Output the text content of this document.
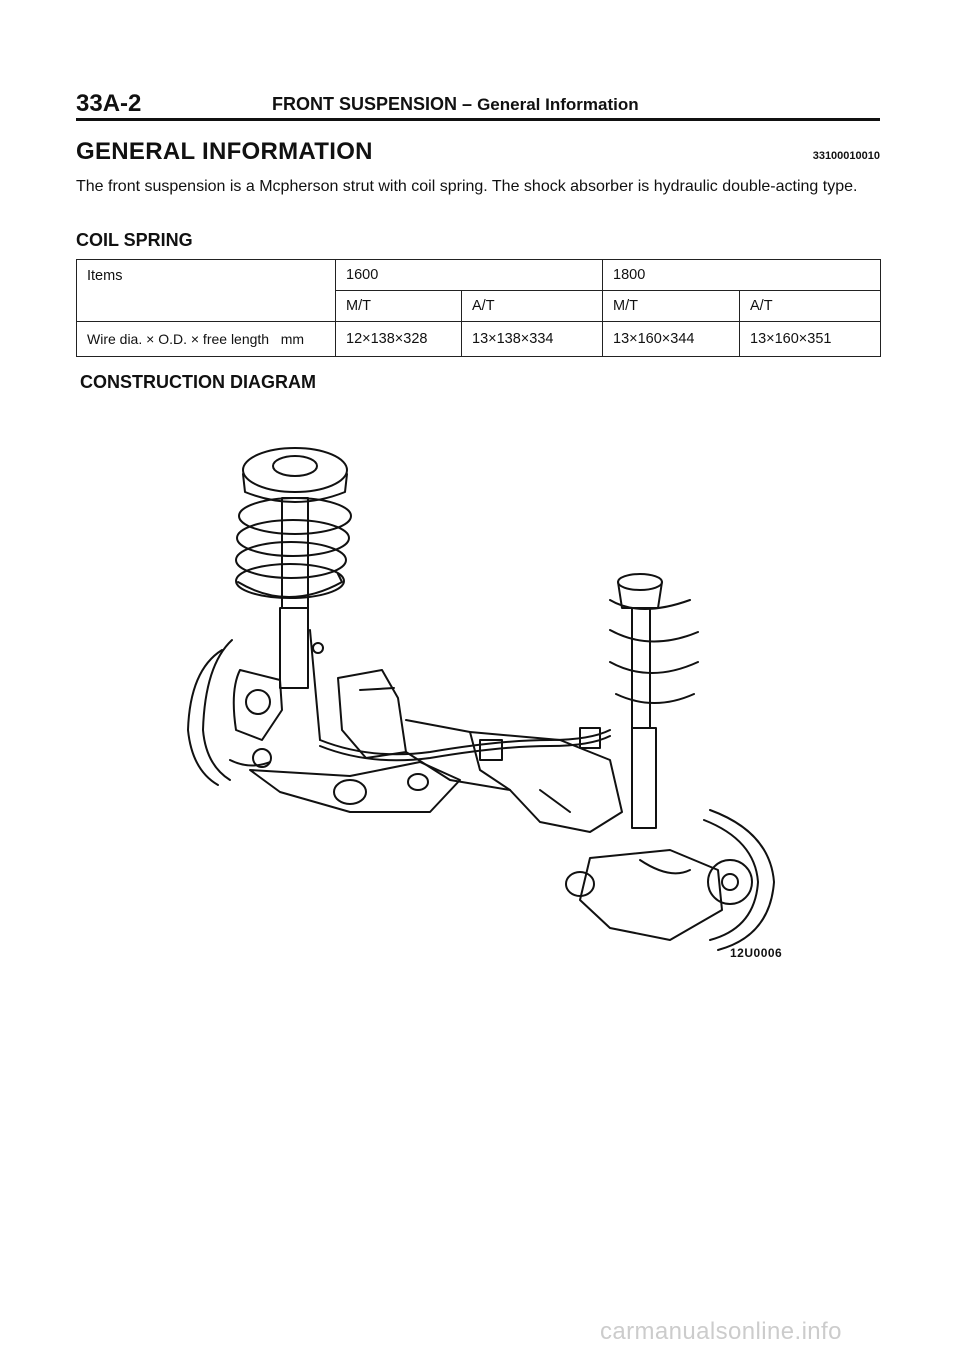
33A-2	FRONT SUSPENSION – General Information
GENERAL INFORMATION	33100010010
The front suspension is a Mcpherson strut with coil spring. The shock absorber is hydraulic double-acting type.
COIL SPRING
Items	1600		1800	
	M/T	A/T	M/T	A/T
Wire dia. × O.D. × free length mm	12×138×328	13×138×334	13×160×344	13×160×351
CONSTRUCTION DIAGRAM
12U0006
carmanualsonline.info
